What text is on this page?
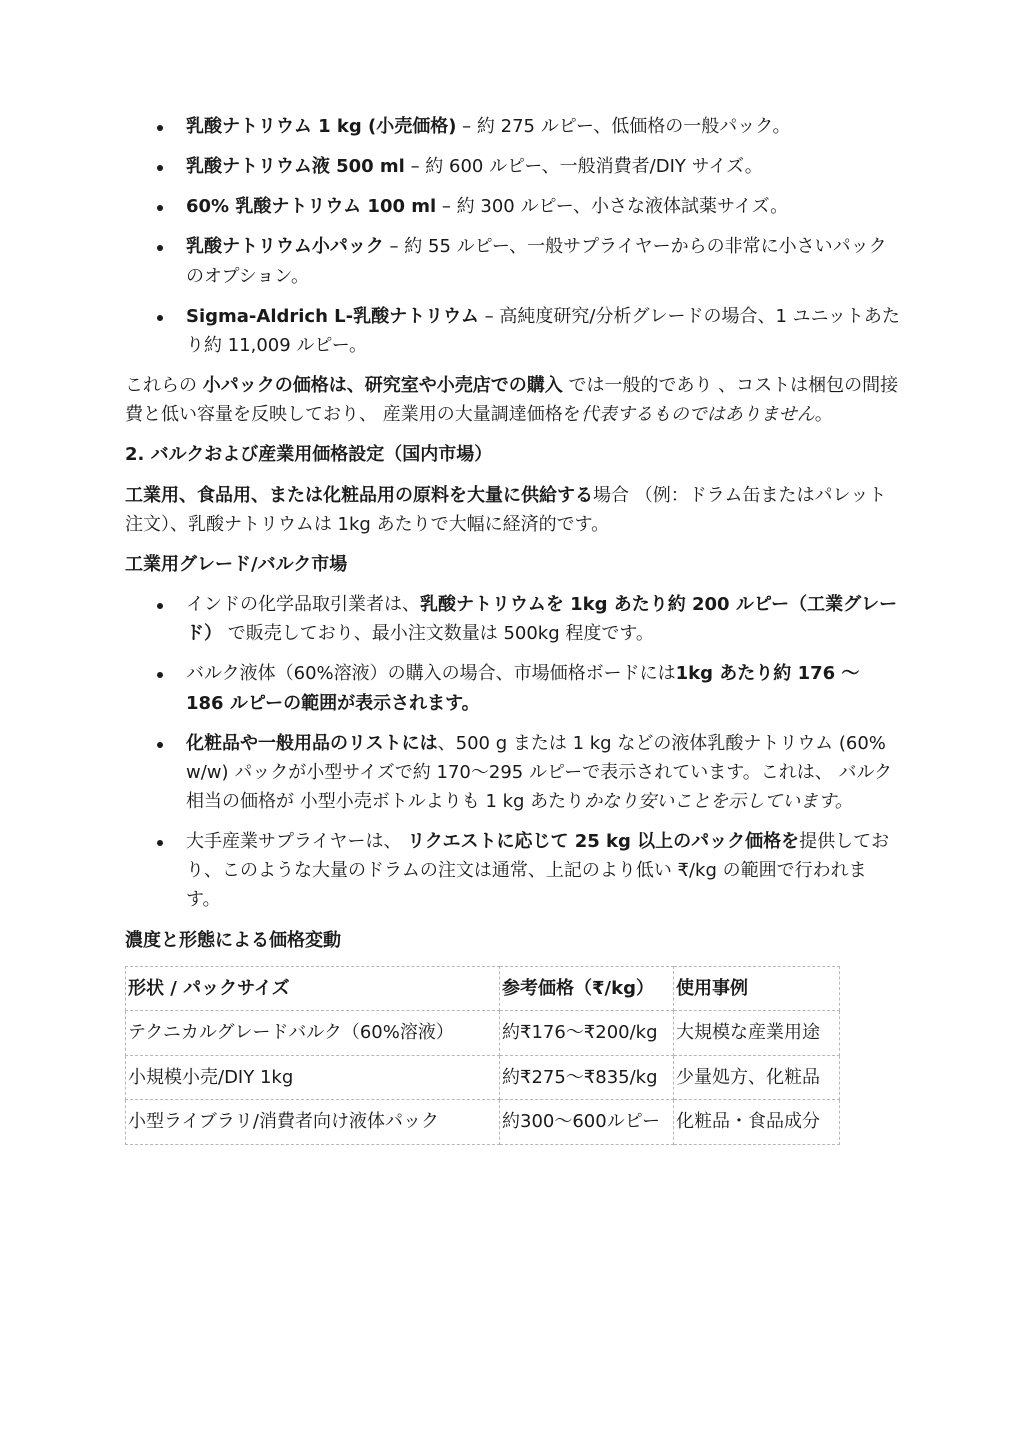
乳酸ナトリウム 1 kg (小売価格) – 約 275 ルピー、低価格の一般パック。
乳酸ナトリウム液 500 ml – 約 600 ルピー、一般消費者/DIY サイズ。
60% 乳酸ナトリウム 100 ml – 約 300 ルピー、小さな液体試薬サイズ。
乳酸ナトリウム小パック – 約 55 ルピー、一般サプライヤーからの非常に小さいパックのオプション。
Sigma-Aldrich L-乳酸ナトリウム – 高純度研究/分析グレードの場合、1 ユニットあたり約 11,009 ルピー。

これらの 小パックの価格は、研究室や小売店での購入 では一般的であり 、コストは梱包の間接費と低い容量を反映しており、 産業用の大量調達価格を代表するものではありません。

2. バルクおよび産業用価格設定（国内市場）

工業用、食品用、または化粧品用の原料を大量に供給する場合 （例：ドラム缶またはパレット注文）、乳酸ナトリウムは 1kg あたりで大幅に経済的です。

工業用グレード/バルク市場

インドの化学品取引業者は、乳酸ナトリウムを 1kg あたり約 200 ルピー（工業グレード） で販売しており、最小注文数量は 500kg 程度です。
バルク液体（60%溶液）の購入の場合、市場価格ボードには1kg あたり約 176 〜 186 ルピーの範囲が表示されます。
化粧品や一般用品のリストには、500 g または 1 kg などの液体乳酸ナトリウム (60% w/w) パックが小型サイズで約 170〜295 ルピーで表示されています。これは、 バルク相当の価格が 小型小売ボトルよりも 1 kg あたりかなり安いことを示しています。
大手産業サプライヤーは、 リクエストに応じて 25 kg 以上のパック価格を提供しており、このような大量のドラムの注文は通常、上記のより低い ₹/kg の範囲で行われます。

濃度と形態による価格変動

形状 / パックサイズ	参考価格（₹/kg）	使用事例
テクニカルグレードバルク（60%溶液）	約₹176〜₹200/kg	大規模な産業用途
小規模小売/DIY 1kg	約₹275〜₹835/kg	少量処方、化粧品
小型ライブラリ/消費者向け液体パック	約300〜600ルピー	化粧品・食品成分
